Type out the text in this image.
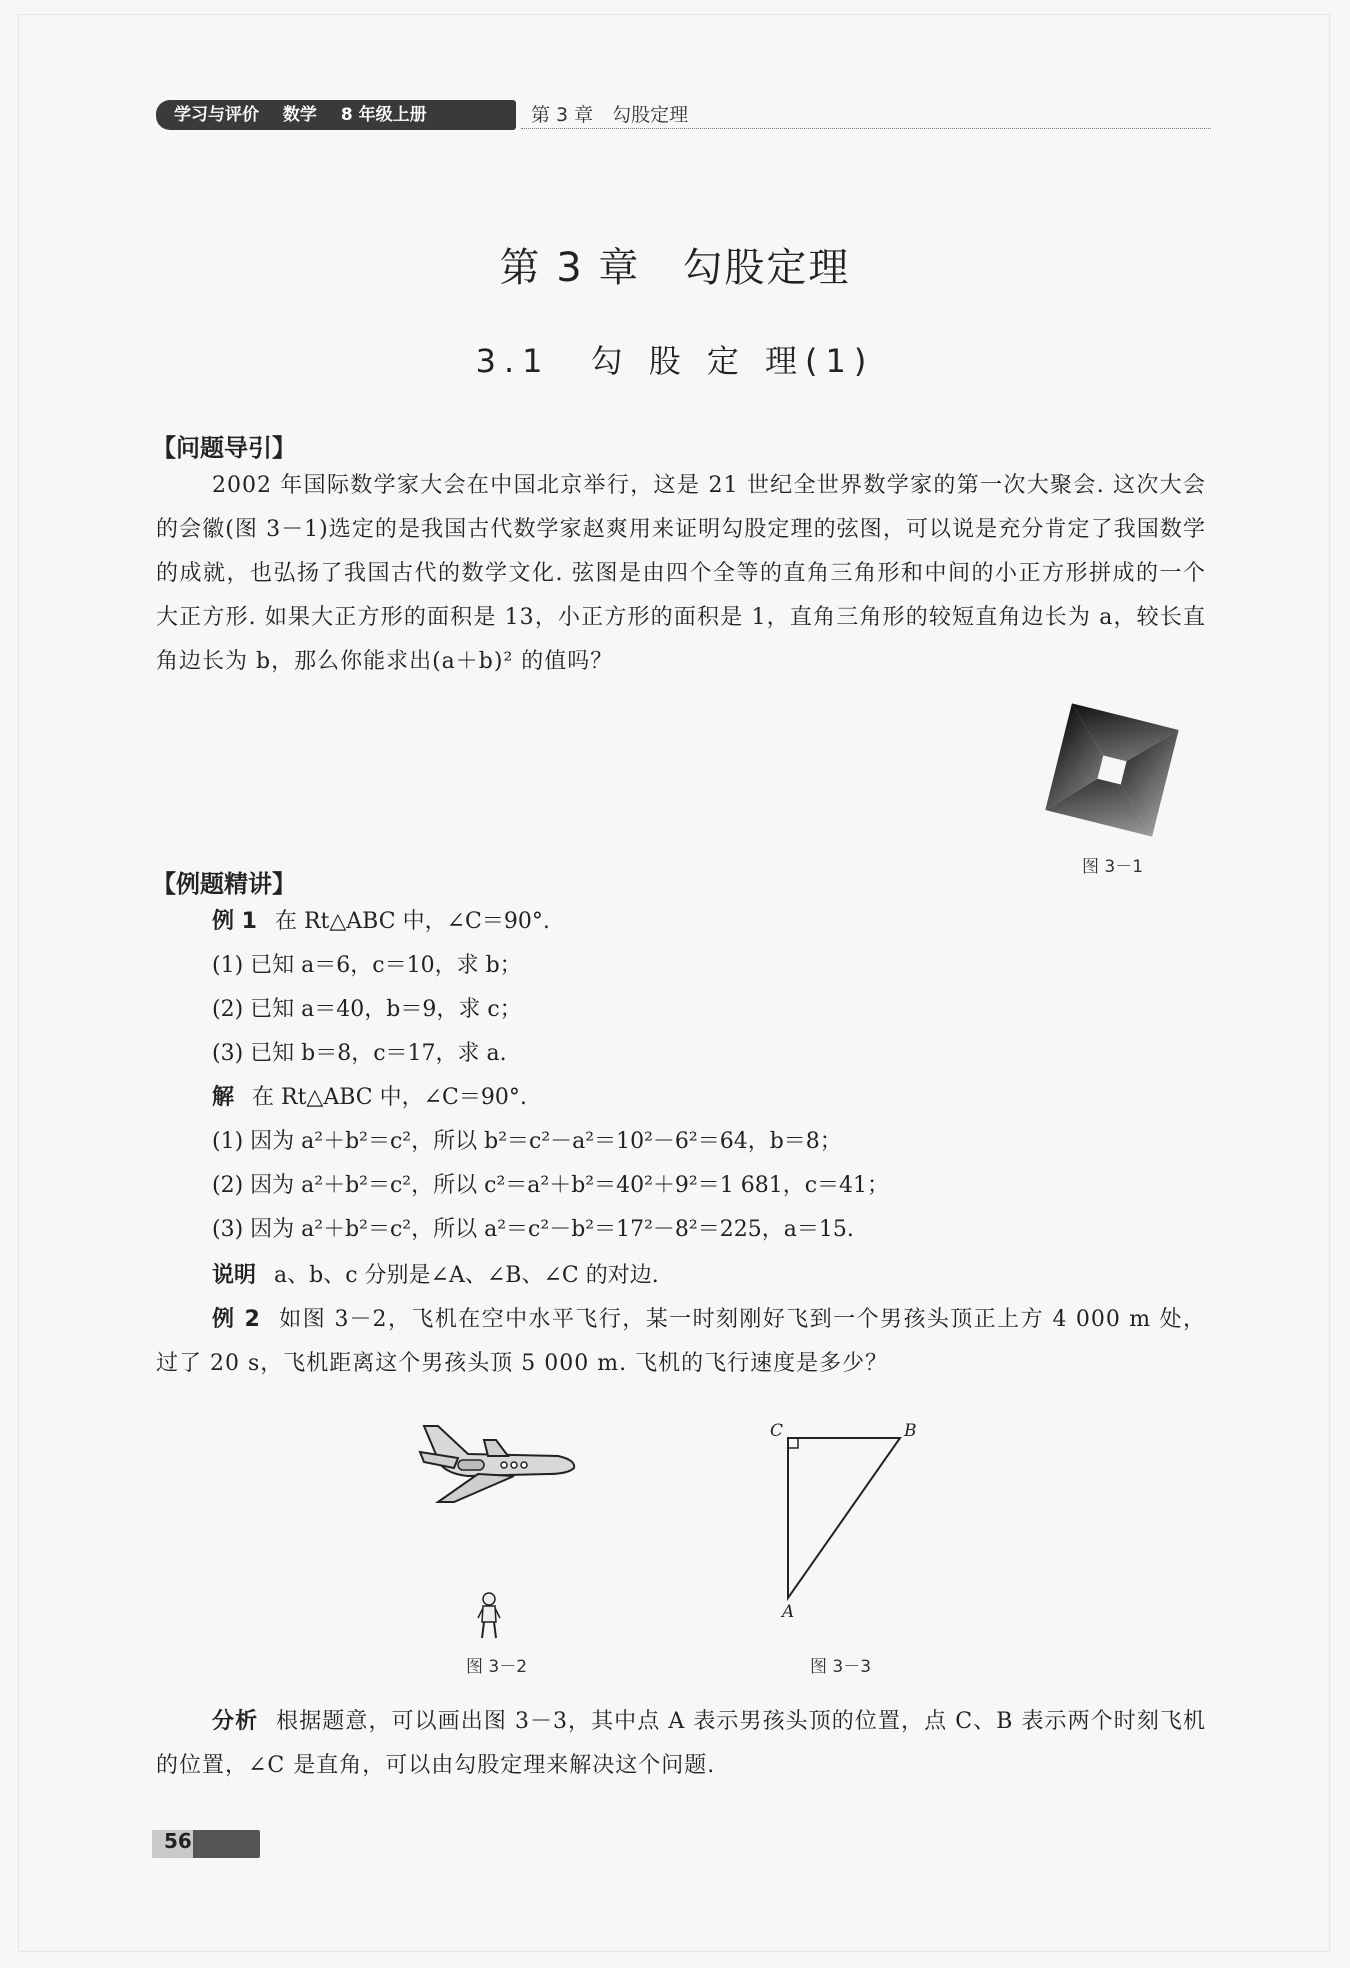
学习与评价 数学 8 年级上册	第 3 章　勾股定理
第 3 章　勾股定理
3.1　勾 股 定 理(1)
【问题导引】
2002 年国际数学家大会在中国北京举行，这是 21 世纪全世界数学家的第一次大聚会. 这次大会的会徽(图 3－1)选定的是我国古代数学家赵爽用来证明勾股定理的弦图，可以说是充分肯定了我国数学的成就，也弘扬了我国古代的数学文化. 弦图是由四个全等的直角三角形和中间的小正方形拼成的一个大正方形. 如果大正方形的面积是 13，小正方形的面积是 1，直角三角形的较短直角边长为 a，较长直角边长为 b，那么你能求出(a＋b)² 的值吗？
图 3－1
【例题精讲】
例 1 在 Rt△ABC 中，∠C＝90°.
(1) 已知 a＝6，c＝10，求 b；
(2) 已知 a＝40，b＝9，求 c；
(3) 已知 b＝8，c＝17，求 a.
解 在 Rt△ABC 中，∠C＝90°.
(1) 因为 a²＋b²＝c²，所以 b²＝c²－a²＝10²－6²＝64，b＝8；
(2) 因为 a²＋b²＝c²，所以 c²＝a²＋b²＝40²＋9²＝1 681，c＝41；
(3) 因为 a²＋b²＝c²，所以 a²＝c²－b²＝17²－8²＝225，a＝15.
说明 a、b、c 分别是∠A、∠B、∠C 的对边.
例 2 如图 3－2，飞机在空中水平飞行，某一时刻刚好飞到一个男孩头顶正上方 4 000 m 处，过了 20 s，飞机距离这个男孩头顶 5 000 m. 飞机的飞行速度是多少？
图 3－2
C	B
A
图 3－3
分析 根据题意，可以画出图 3－3，其中点 A 表示男孩头顶的位置，点 C、B 表示两个时刻飞机的位置，∠C 是直角，可以由勾股定理来解决这个问题.
56
